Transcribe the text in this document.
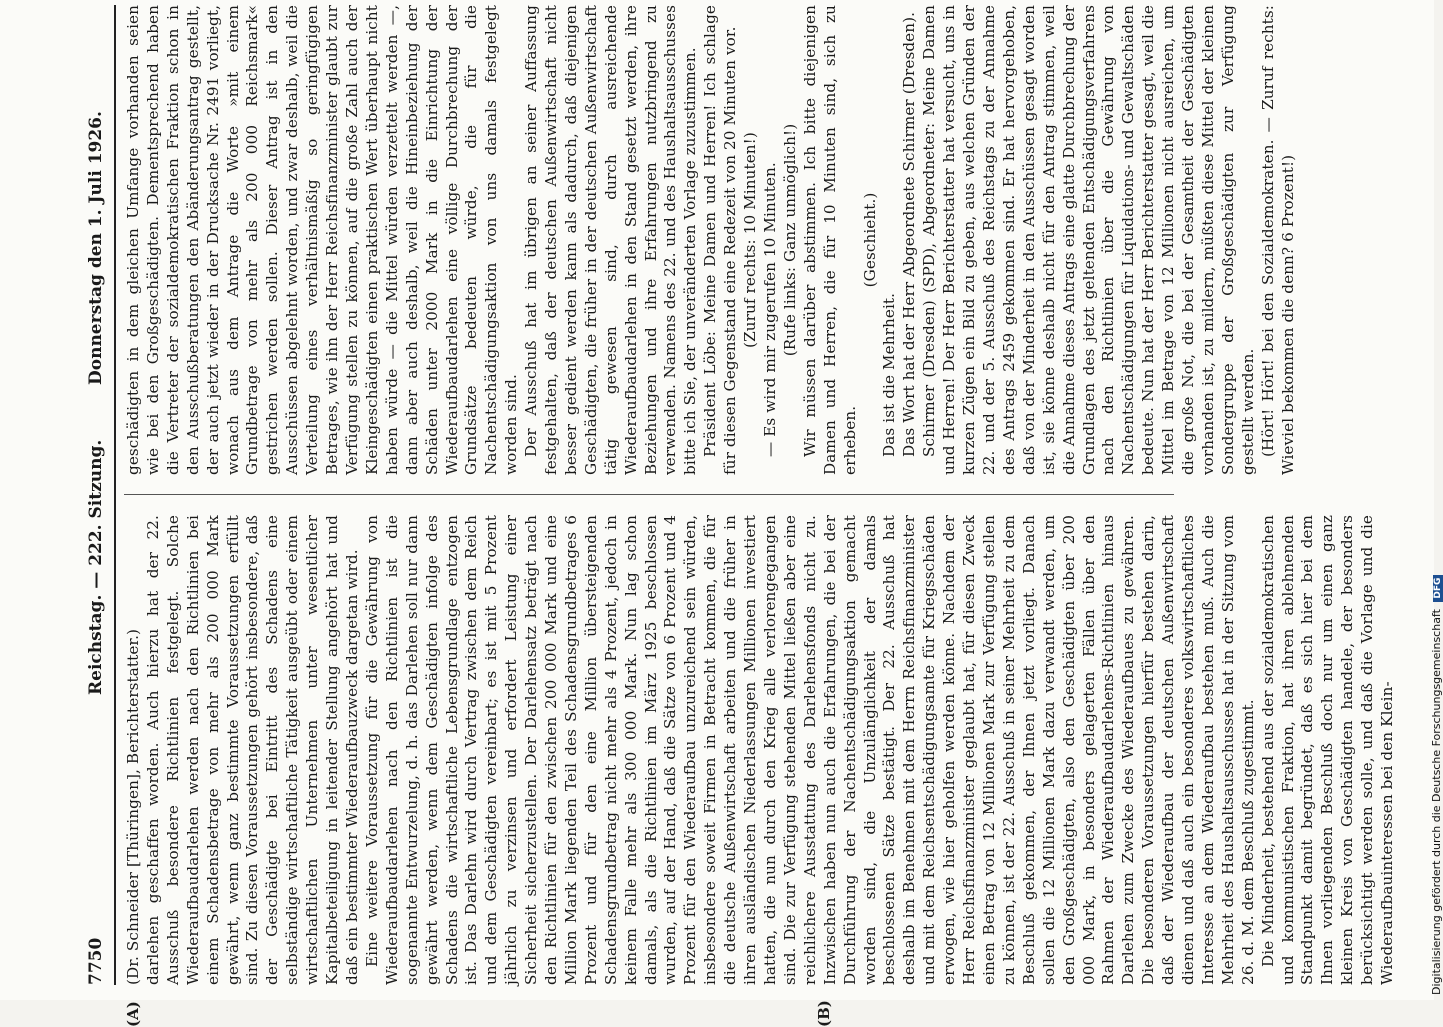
7750
Reichstag. — 222. Sitzung.
Donnerstag den 1. Juli 1926.
(A)	(B)

(Dr. Schneider [Thüringen], Berichterstatter.) darlehen geschaffen worden. Auch hierzu hat der 22. Ausschuß besondere Richtlinien festgelegt. Solche Wiederaufbaudarlehen werden nach den Richtlinien bei einem Schadensbetrage von mehr als 200 000 Mark gewährt, wenn ganz bestimmte Voraussetzungen erfüllt sind. Zu diesen Voraussetzungen gehört insbesondere, daß der Geschädigte bei Eintritt des Schadens eine selbständige wirtschaftliche Tätigkeit ausgeübt oder einem wirtschaftlichen Unternehmen unter wesentlicher Kapitalbeteiligung in leitender Stellung angehört hat und daß ein bestimmter Wiederaufbauzweck dargetan wird. Eine weitere Voraussetzung für die Gewährung von Wiederaufbaudarlehen nach den Richtlinien ist die sogenannte Entwurzelung, d. h. das Darlehen soll nur dann gewährt werden, wenn dem Geschädigten infolge des Schadens die wirtschaftliche Lebensgrundlage entzogen ist. Das Darlehn wird durch Vertrag zwischen dem Reich und dem Geschädigten vereinbart; es ist mit 5 Prozent jährlich zu verzinsen und erfordert Leistung einer Sicherheit sicherzustellen. Der Darlehensatz beträgt nach den Richtlinien für den zwischen 200 000 Mark und eine Million Mark liegenden Teil des Schadensgrundbetrages 6 Prozent und für den eine Million übersteigenden Schadensgrundbetrag nicht mehr als 4 Prozent, jedoch in keinem Falle mehr als 300 000 Mark. Nun lag schon damals, als die Richtlinien im März 1925 beschlossen wurden, auf der Hand, daß die Sätze von 6 Prozent und 4 Prozent für den Wiederaufbau unzureichend sein würden, insbesondere soweit Firmen in Betracht kommen, die für die deutsche Außenwirtschaft arbeiten und die früher in ihren ausländischen Niederlassungen Millionen investiert hatten, die nun durch den Krieg alle verlorengegangen sind. Die zur Verfügung stehenden Mittel ließen aber eine reichlichere Ausstattung des Darlehensfonds nicht zu. Inzwischen haben nun auch die Erfahrungen, die bei der Durchführung der Nachentschädigungsaktion gemacht worden sind, die Unzulänglichkeit der damals beschlossenen Sätze bestätigt. Der 22. Ausschuß hat deshalb im Benehmen mit dem Herrn Reichsfinanzminister und mit dem Reichsentschädigungsamte für Kriegsschäden erwogen, wie hier geholfen werden könne. Nachdem der Herr Reichsfinanzminister geglaubt hat, für diesen Zweck einen Betrag von 12 Millionen Mark zur Verfügung stellen zu können, ist der 22. Ausschuß in seiner Mehrheit zu dem Beschluß gekommen, der Ihnen jetzt vorliegt. Danach sollen die 12 Millionen Mark dazu verwandt werden, um den Großgeschädigten, also den Geschädigten über 200 000 Mark, in besonders gelagerten Fällen über den Rahmen der Wiederaufbaudarlehens-Richtlinien hinaus Darlehen zum Zwecke des Wiederaufbaues zu gewähren. Die besonderen Voraussetzungen hierfür bestehen darin, daß der Wiederaufbau der deutschen Außenwirtschaft dienen und daß auch ein besonderes volkswirtschaftliches Interesse an dem Wiederaufbau bestehen muß. Auch die Mehrheit des Haushaltsausschusses hat in der Sitzung vom 26. d. M. dem Beschluß zugestimmt. Die Minderheit, bestehend aus der sozialdemokratischen und kommunistischen Fraktion, hat ihren ablehnenden Standpunkt damit begründet, daß es sich hier bei dem Ihnen vorliegenden Beschluß doch nur um einen ganz kleinen Kreis von Geschädigten handele, der besonders berücksichtigt werden solle, und daß die Vorlage und die Wiederaufbauinteressen bei den Klein-

geschädigten in dem gleichen Umfange vorhanden seien wie bei den Großgeschädigten. Dementsprechend haben die Vertreter der sozialdemokratischen Fraktion schon in den Ausschußberatungen den Abänderungsantrag gestellt, der auch jetzt wieder in der Drucksache Nr. 2491 vorliegt, wonach aus dem Antrage die Worte »mit einem Grundbetrage von mehr als 200 000 Reichsmark« gestrichen werden sollen. Dieser Antrag ist in den Ausschüssen abgelehnt worden, und zwar deshalb, weil die Verteilung eines verhältnismäßig so geringfügigen Betrages, wie ihn der Herr Reichsfinanzminister glaubt zur Verfügung stellen zu können, auf die große Zahl auch der Kleingeschädigten einen praktischen Wert überhaupt nicht haben würde — die Mittel würden verzettelt werden —, dann aber auch deshalb, weil die Hineinbeziehung der Schäden unter 2000 Mark in die Einrichtung der Wiederaufbaudarlehen eine völlige Durchbrechung der Grundsätze bedeuten würde, die für die Nachentschädigungsaktion von uns damals festgelegt worden sind. Der Ausschuß hat im übrigen an seiner Auffassung festgehalten, daß der deutschen Außenwirtschaft nicht besser gedient werden kann als dadurch, daß diejenigen Geschädigten, die früher in der deutschen Außenwirtschaft tätig gewesen sind, durch ausreichende Wiederaufbaudarlehen in den Stand gesetzt werden, ihre Beziehungen und ihre Erfahrungen nutzbringend zu verwenden. Namens des 22. und des Haushaltsausschusses bitte ich Sie, der unveränderten Vorlage zuzustimmen. Präsident Löbe: Meine Damen und Herren! Ich schlage für diesen Gegenstand eine Redezeit von 20 Minuten vor. (Zuruf rechts: 10 Minuten!) — Es wird mir zugerufen 10 Minuten. (Rufe links: Ganz unmöglich!) Wir müssen darüber abstimmen. Ich bitte diejenigen Damen und Herren, die für 10 Minuten sind, sich zu erheben.

(Geschieht.)

Das ist die Mehrheit. Das Wort hat der Herr Abgeordnete Schirmer (Dresden). Schirmer (Dresden) (SPD), Abgeordneter: Meine Damen und Herren! Der Herr Berichterstatter hat versucht, uns in kurzen Zügen ein Bild zu geben, aus welchen Gründen der 22. und der 5. Ausschuß des Reichstags zu der Annahme des Antrags 2459 gekommen sind. Er hat hervorgehoben, daß von der Minderheit in den Ausschüssen gesagt worden ist, sie könne deshalb nicht für den Antrag stimmen, weil die Annahme dieses Antrags eine glatte Durchbrechung der Grundlagen des jetzt geltenden Entschädigungsverfahrens nach den Richtlinien über die Gewährung von Nachentschädigungen für Liquidations- und Gewaltschäden bedeute. Nun hat der Herr Berichterstatter gesagt, weil die Mittel im Betrage von 12 Millionen nicht ausreichen, um die große Not, die bei der Gesamtheit der Geschädigten vorhanden ist, zu mildern, müßten diese Mittel der kleinen Sondergruppe der Großgeschädigten zur Verfügung gestellt werden. (Hört! Hört! bei den Sozialdemokraten. — Zuruf rechts: Wieviel bekommen die denn? 6 Prozent!)

Digitalisierung gefördert durch die Deutsche Forschungsgemeinschaft DFG
